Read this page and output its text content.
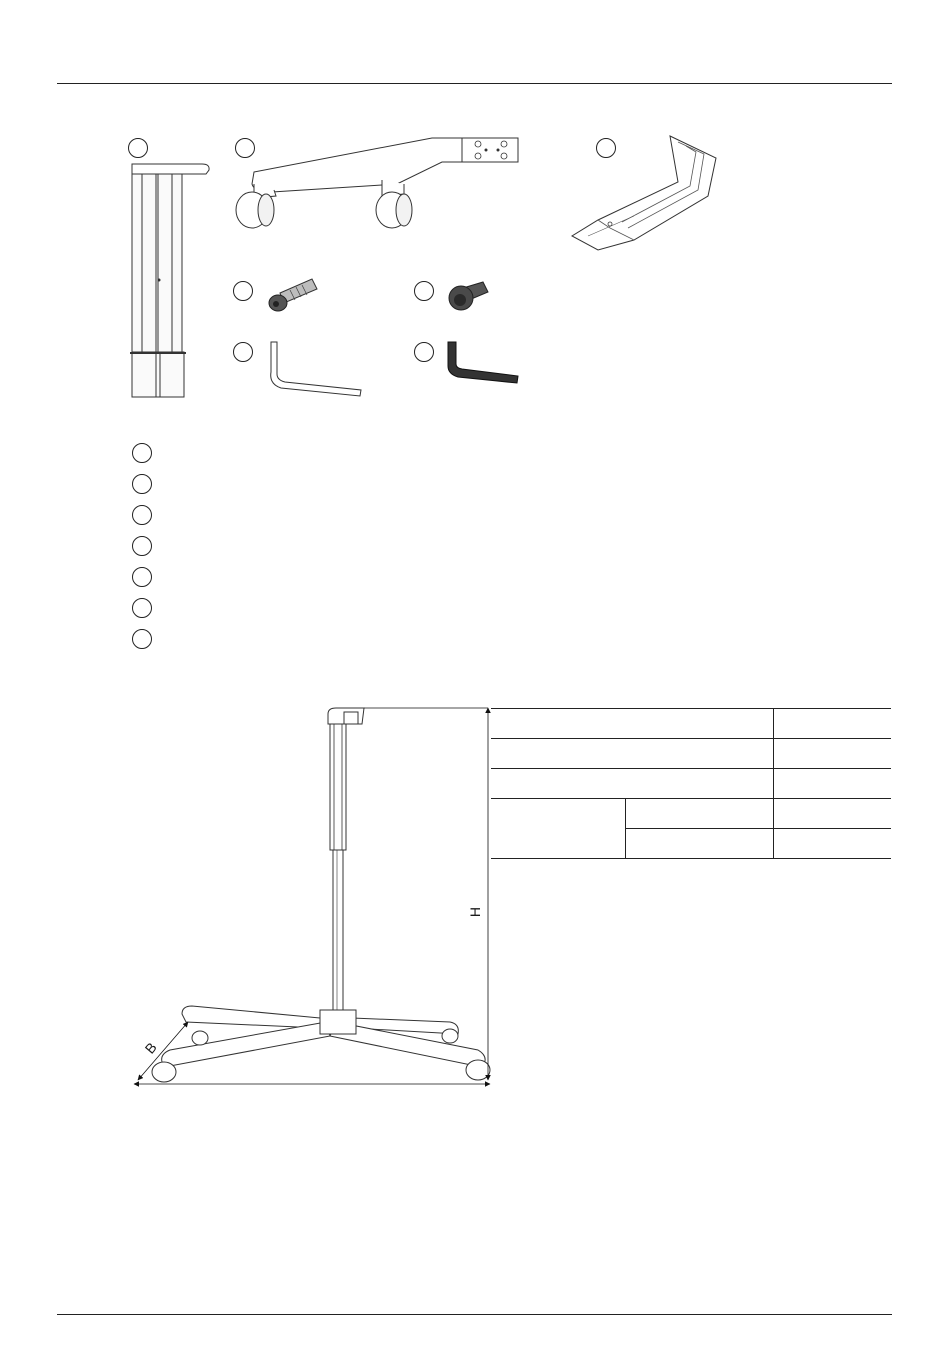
H
B
